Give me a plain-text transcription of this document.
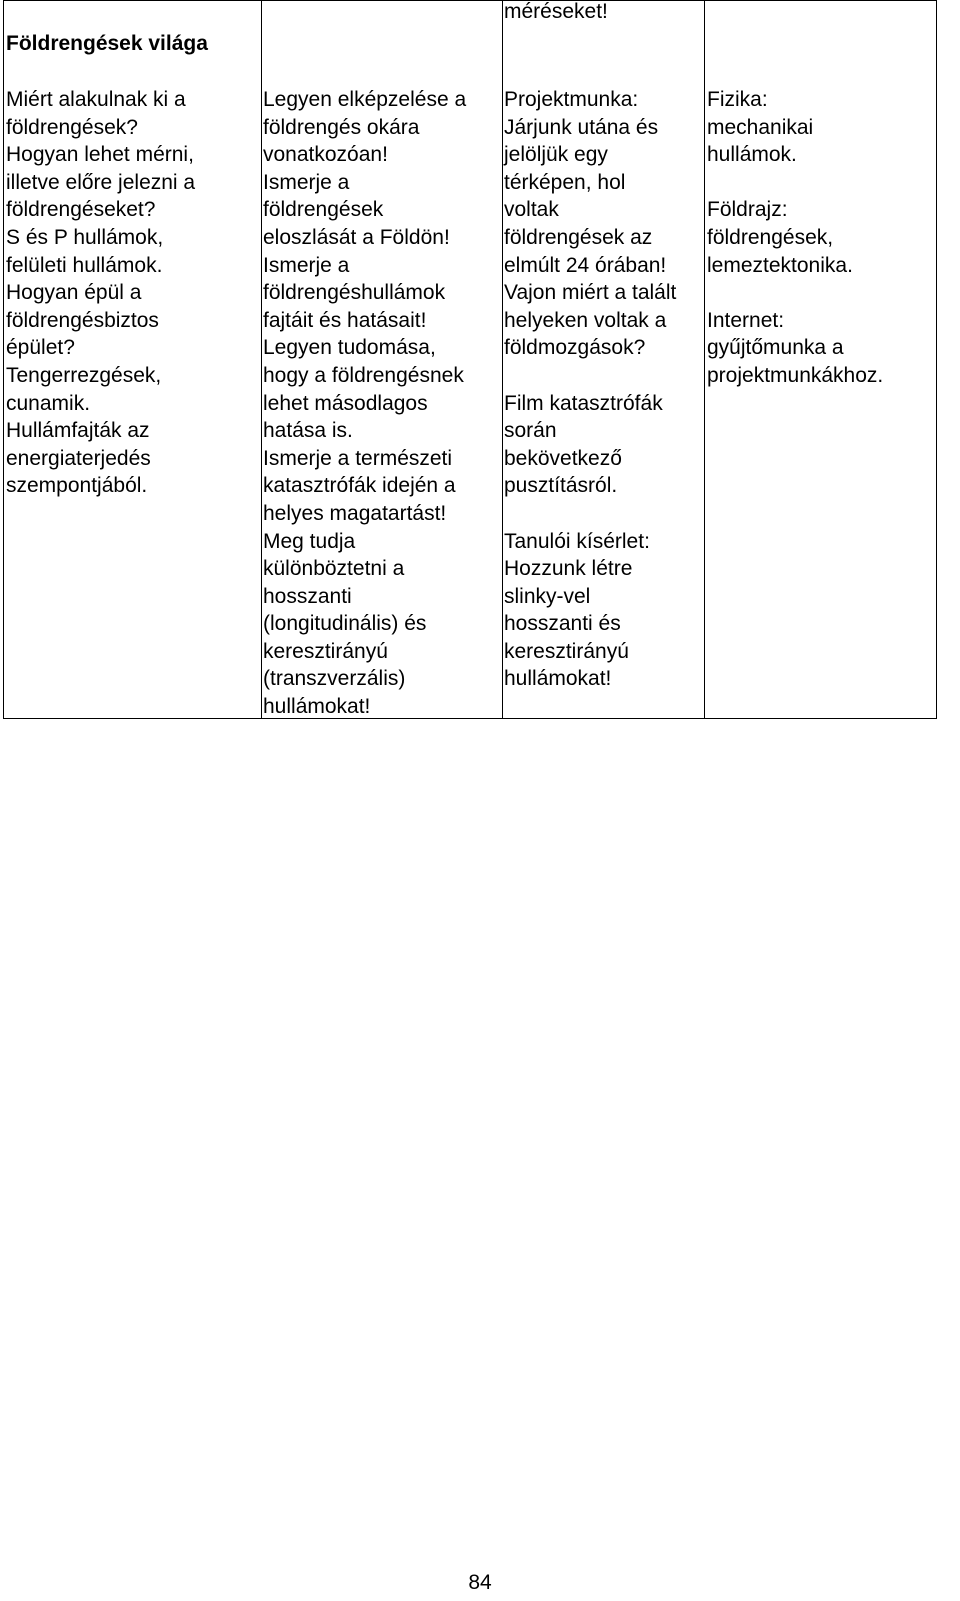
méréseket!
Földrengések világa
Miért alakulnak ki a
földrengések?
Hogyan lehet mérni,
illetve előre jelezni a
földrengéseket?
S és P hullámok,
felületi hullámok.
Hogyan épül a
földrengésbiztos
épület?
Tengerrezgések,
cunamik.
Hullámfajták az
energiaterjedés
szempontjából.
Legyen elképzelése a
földrengés okára
vonatkozóan!
Ismerje a
földrengések
eloszlását a Földön!
Ismerje a
földrengéshullámok
fajtáit és hatásait!
Legyen tudomása,
hogy a földrengésnek
lehet másodlagos
hatása is.
Ismerje a természeti
katasztrófák idején a
helyes magatartást!
Meg tudja
különböztetni a
hosszanti
(longitudinális) és
keresztirányú
(transzverzális)
hullámokat!
Projektmunka:
Járjunk utána és
jelöljük egy
térképen, hol
voltak
földrengések az
elmúlt 24 órában!
Vajon miért a talált
helyeken voltak a
földmozgások?
Film katasztrófák
során
bekövetkező
pusztításról.
Tanulói kísérlet:
Hozzunk létre
slinky-vel
hosszanti és
keresztirányú
hullámokat!
Fizika:
mechanikai
hullámok.
Földrajz:
földrengések,
lemeztektonika.
Internet:
gyűjtőmunka a
projektmunkákhoz.
84
